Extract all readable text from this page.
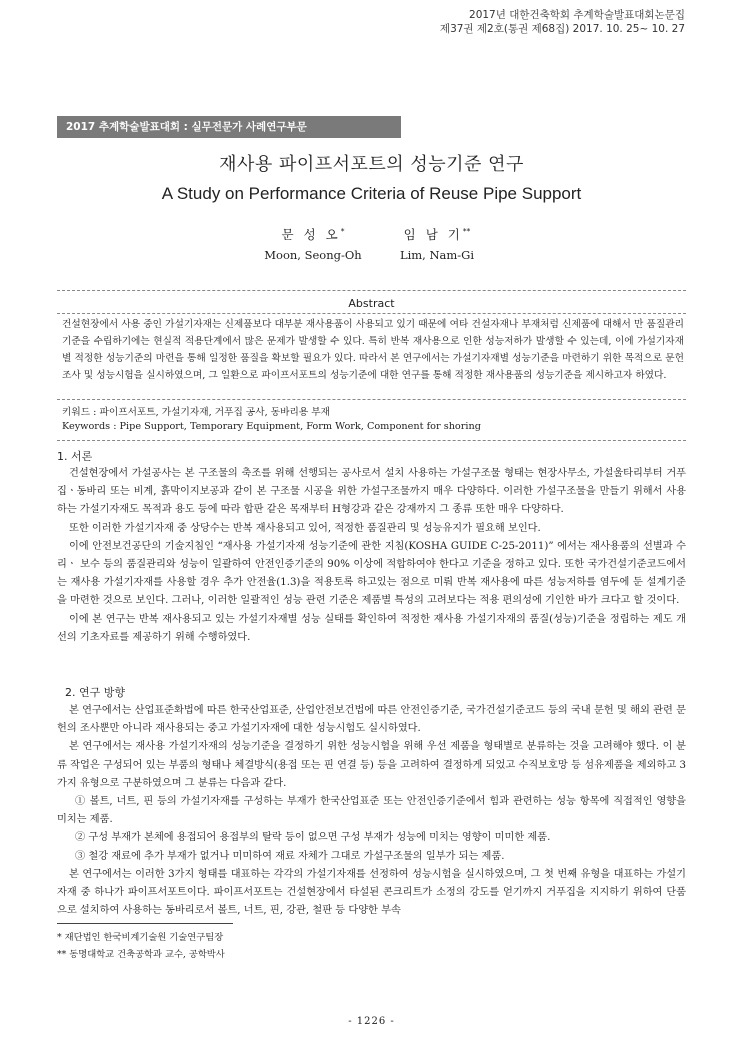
2017년 대한건축학회 추계학술발표대회논문집
제37권 제2호(통권 제68집) 2017. 10. 25~ 10. 27
2017 추계학술발표대회 : 실무전문가 사례연구부문
재사용 파이프서포트의 성능기준 연구
A Study on Performance Criteria of Reuse Pipe Support
문 성 오*
Moon, Seong-Oh
임 남 기**
Lim, Nam-Gi
Abstract
건설현장에서 사용 중인 가설기자재는 신제품보다 대부분 재사용품이 사용되고 있기 때문에 여타 건설자재나 부재처럼 신제품에 대해서 만 품질관리기준을 수립하기에는 현실적 적용단계에서 많은 문제가 발생할 수 있다. 특히 반복 재사용으로 인한 성능저하가 발생할 수 있는데, 이에 가설기자재별 적정한 성능기준의 마련을 통해 일정한 품질을 확보할 필요가 있다. 따라서 본 연구에서는 가설기자재별 성능기준을 마련하기 위한 목적으로 문헌 조사 및 성능시험을 실시하였으며, 그 일환으로 파이프서포트의 성능기준에 대한 연구를 통해 적정한 재사용품의 성능기준을 제시하고자 하였다.
키워드 : 파이프서포트, 가설기자재, 거푸집 공사, 동바리용 부재
Keywords : Pipe Support, Temporary Equipment, Form Work, Component for shoring
1. 서론

건설현장에서 가설공사는 본 구조물의 축조를 위해 선행되는 공사로서 설치 사용하는 가설구조물 형태는 현장사무소, 가설울타리부터 거푸집ㆍ동바리 또는 비계, 흙막이지보공과 같이 본 구조물 시공을 위한 가설구조물까지 매우 다양하다. 이러한 가설구조물을 만들기 위해서 사용하는 가설기자재도 목적과 용도 등에 따라 합판 같은 목재부터 H형강과 같은 강재까지 그 종류 또한 매우 다양하다.

또한 이러한 가설기자재 중 상당수는 반복 재사용되고 있어, 적정한 품질관리 및 성능유지가 필요해 보인다.

이에 안전보건공단의 기술지침인 “재사용 가설기자재 성능기준에 관한 지침(KOSHA GUIDE C-25-2011)” 에서는 재사용품의 선별과 수리ㆍ 보수 등의 품질관리와 성능이 일괄하여 안전인증기준의 90% 이상에 적합하여야 한다고 기준을 정하고 있다. 또한 국가건설기준코드에서는 재사용 가설기자재를 사용할 경우 추가 안전율(1.3)을 적용토록 하고있는 점으로 미뤄 반복 재사용에 따른 성능저하를 염두에 둔 설계기준을 마련한 것으로 보인다. 그러나, 이러한 일괄적인 성능 관련 기준은 제품별 특성의 고려보다는 적용 편의성에 기인한 바가 크다고 할 것이다.

이에 본 연구는 반복 재사용되고 있는 가설기자재별 성능 실태를 확인하여 적정한 재사용 가설기자재의 품질(성능)기준을 정립하는 제도 개선의 기초자료를 제공하기 위해 수행하였다.

2. 연구 방향

본 연구에서는 산업표준화법에 따른 한국산업표준, 산업안전보건법에 따른 안전인증기준, 국가건설기준코드 등의 국내 문헌 및 해외 관련 문헌의 조사뿐만 아니라 재사용되는 중고 가설기자재에 대한 성능시험도 실시하였다.

본 연구에서는 재사용 가설기자재의 성능기준을 결정하기 위한 성능시험을 위해 우선 제품을 형태별로 분류하는 것을 고려해야 했다. 이 분류 작업은 구성되어 있는 부품의 형태나 체결방식(용접 또는 핀 연결 등) 등을 고려하여 결정하게 되었고 수직보호망 등 섬유제품을 제외하고 3가지 유형으로 구분하였으며 그 분류는 다음과 같다.

① 볼트, 너트, 핀 등의 가설기자재를 구성하는 부재가 한국산업표준 또는 안전인증기준에서 힘과 관련하는 성능 항목에 직접적인 영향을 미치는 제품.

② 구성 부재가 본체에 용접되어 용접부의 탈락 등이 없으면 구성 부재가 성능에 미치는 영향이 미미한 제품.

③ 철강 재료에 추가 부재가 없거나 미미하여 재료 자체가 그대로 가설구조물의 일부가 되는 제품.

본 연구에서는 이러한 3가지 형태를 대표하는 각각의 가설기자재를 선정하여 성능시험을 실시하였으며, 그 첫 번째 유형을 대표하는 가설기자재 중 하나가 파이프서포트이다. 파이프서포트는 건설현장에서 타설된 콘크리트가 소정의 강도를 얻기까지 거푸집을 지지하기 위하여 단품으로 설치하여 사용하는 동바리로서 볼트, 너트, 핀, 강관, 철판 등 다양한 부속

* 재단법인 한국비계기술원 기술연구팀장
** 동명대학교 건축공학과 교수, 공학박사
- 1226 -
